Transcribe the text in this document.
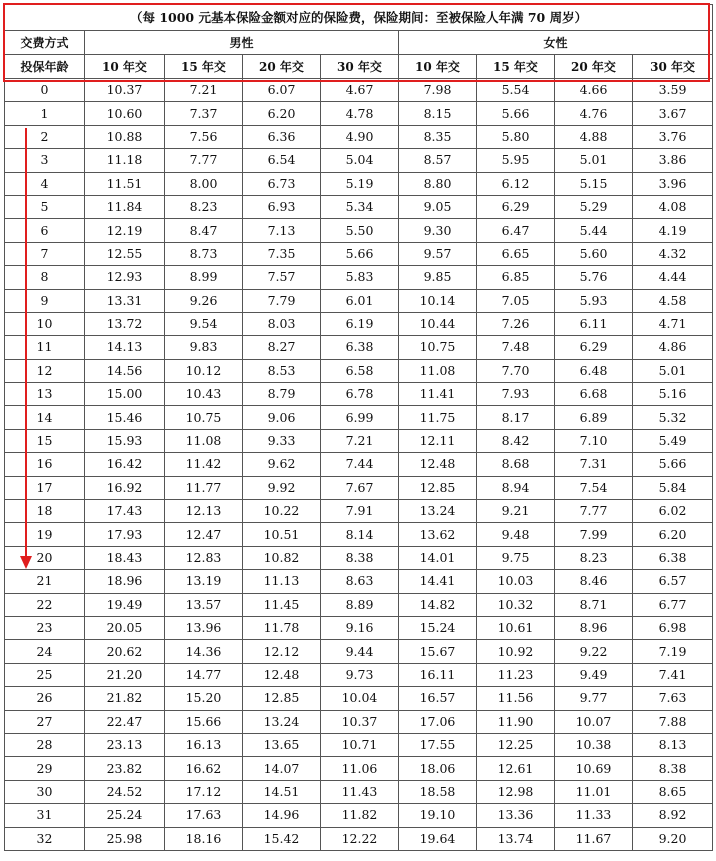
（每 1000 元基本保险金额对应的保险费，保险期间：至被保险人年满 70 周岁）								
交费方式	男性				女性			
投保年龄	10 年交	15 年交	20 年交	30 年交	10 年交	15 年交	20 年交	30 年交
0	10.37	7.21	6.07	4.67	7.98	5.54	4.66	3.59
1	10.60	7.37	6.20	4.78	8.15	5.66	4.76	3.67
2	10.88	7.56	6.36	4.90	8.35	5.80	4.88	3.76
3	11.18	7.77	6.54	5.04	8.57	5.95	5.01	3.86
4	11.51	8.00	6.73	5.19	8.80	6.12	5.15	3.96
5	11.84	8.23	6.93	5.34	9.05	6.29	5.29	4.08
6	12.19	8.47	7.13	5.50	9.30	6.47	5.44	4.19
7	12.55	8.73	7.35	5.66	9.57	6.65	5.60	4.32
8	12.93	8.99	7.57	5.83	9.85	6.85	5.76	4.44
9	13.31	9.26	7.79	6.01	10.14	7.05	5.93	4.58
10	13.72	9.54	8.03	6.19	10.44	7.26	6.11	4.71
11	14.13	9.83	8.27	6.38	10.75	7.48	6.29	4.86
12	14.56	10.12	8.53	6.58	11.08	7.70	6.48	5.01
13	15.00	10.43	8.79	6.78	11.41	7.93	6.68	5.16
14	15.46	10.75	9.06	6.99	11.75	8.17	6.89	5.32
15	15.93	11.08	9.33	7.21	12.11	8.42	7.10	5.49
16	16.42	11.42	9.62	7.44	12.48	8.68	7.31	5.66
17	16.92	11.77	9.92	7.67	12.85	8.94	7.54	5.84
18	17.43	12.13	10.22	7.91	13.24	9.21	7.77	6.02
19	17.93	12.47	10.51	8.14	13.62	9.48	7.99	6.20
20	18.43	12.83	10.82	8.38	14.01	9.75	8.23	6.38
21	18.96	13.19	11.13	8.63	14.41	10.03	8.46	6.57
22	19.49	13.57	11.45	8.89	14.82	10.32	8.71	6.77
23	20.05	13.96	11.78	9.16	15.24	10.61	8.96	6.98
24	20.62	14.36	12.12	9.44	15.67	10.92	9.22	7.19
25	21.20	14.77	12.48	9.73	16.11	11.23	9.49	7.41
26	21.82	15.20	12.85	10.04	16.57	11.56	9.77	7.63
27	22.47	15.66	13.24	10.37	17.06	11.90	10.07	7.88
28	23.13	16.13	13.65	10.71	17.55	12.25	10.38	8.13
29	23.82	16.62	14.07	11.06	18.06	12.61	10.69	8.38
30	24.52	17.12	14.51	11.43	18.58	12.98	11.01	8.65
31	25.24	17.63	14.96	11.82	19.10	13.36	11.33	8.92
32	25.98	18.16	15.42	12.22	19.64	13.74	11.67	9.20
